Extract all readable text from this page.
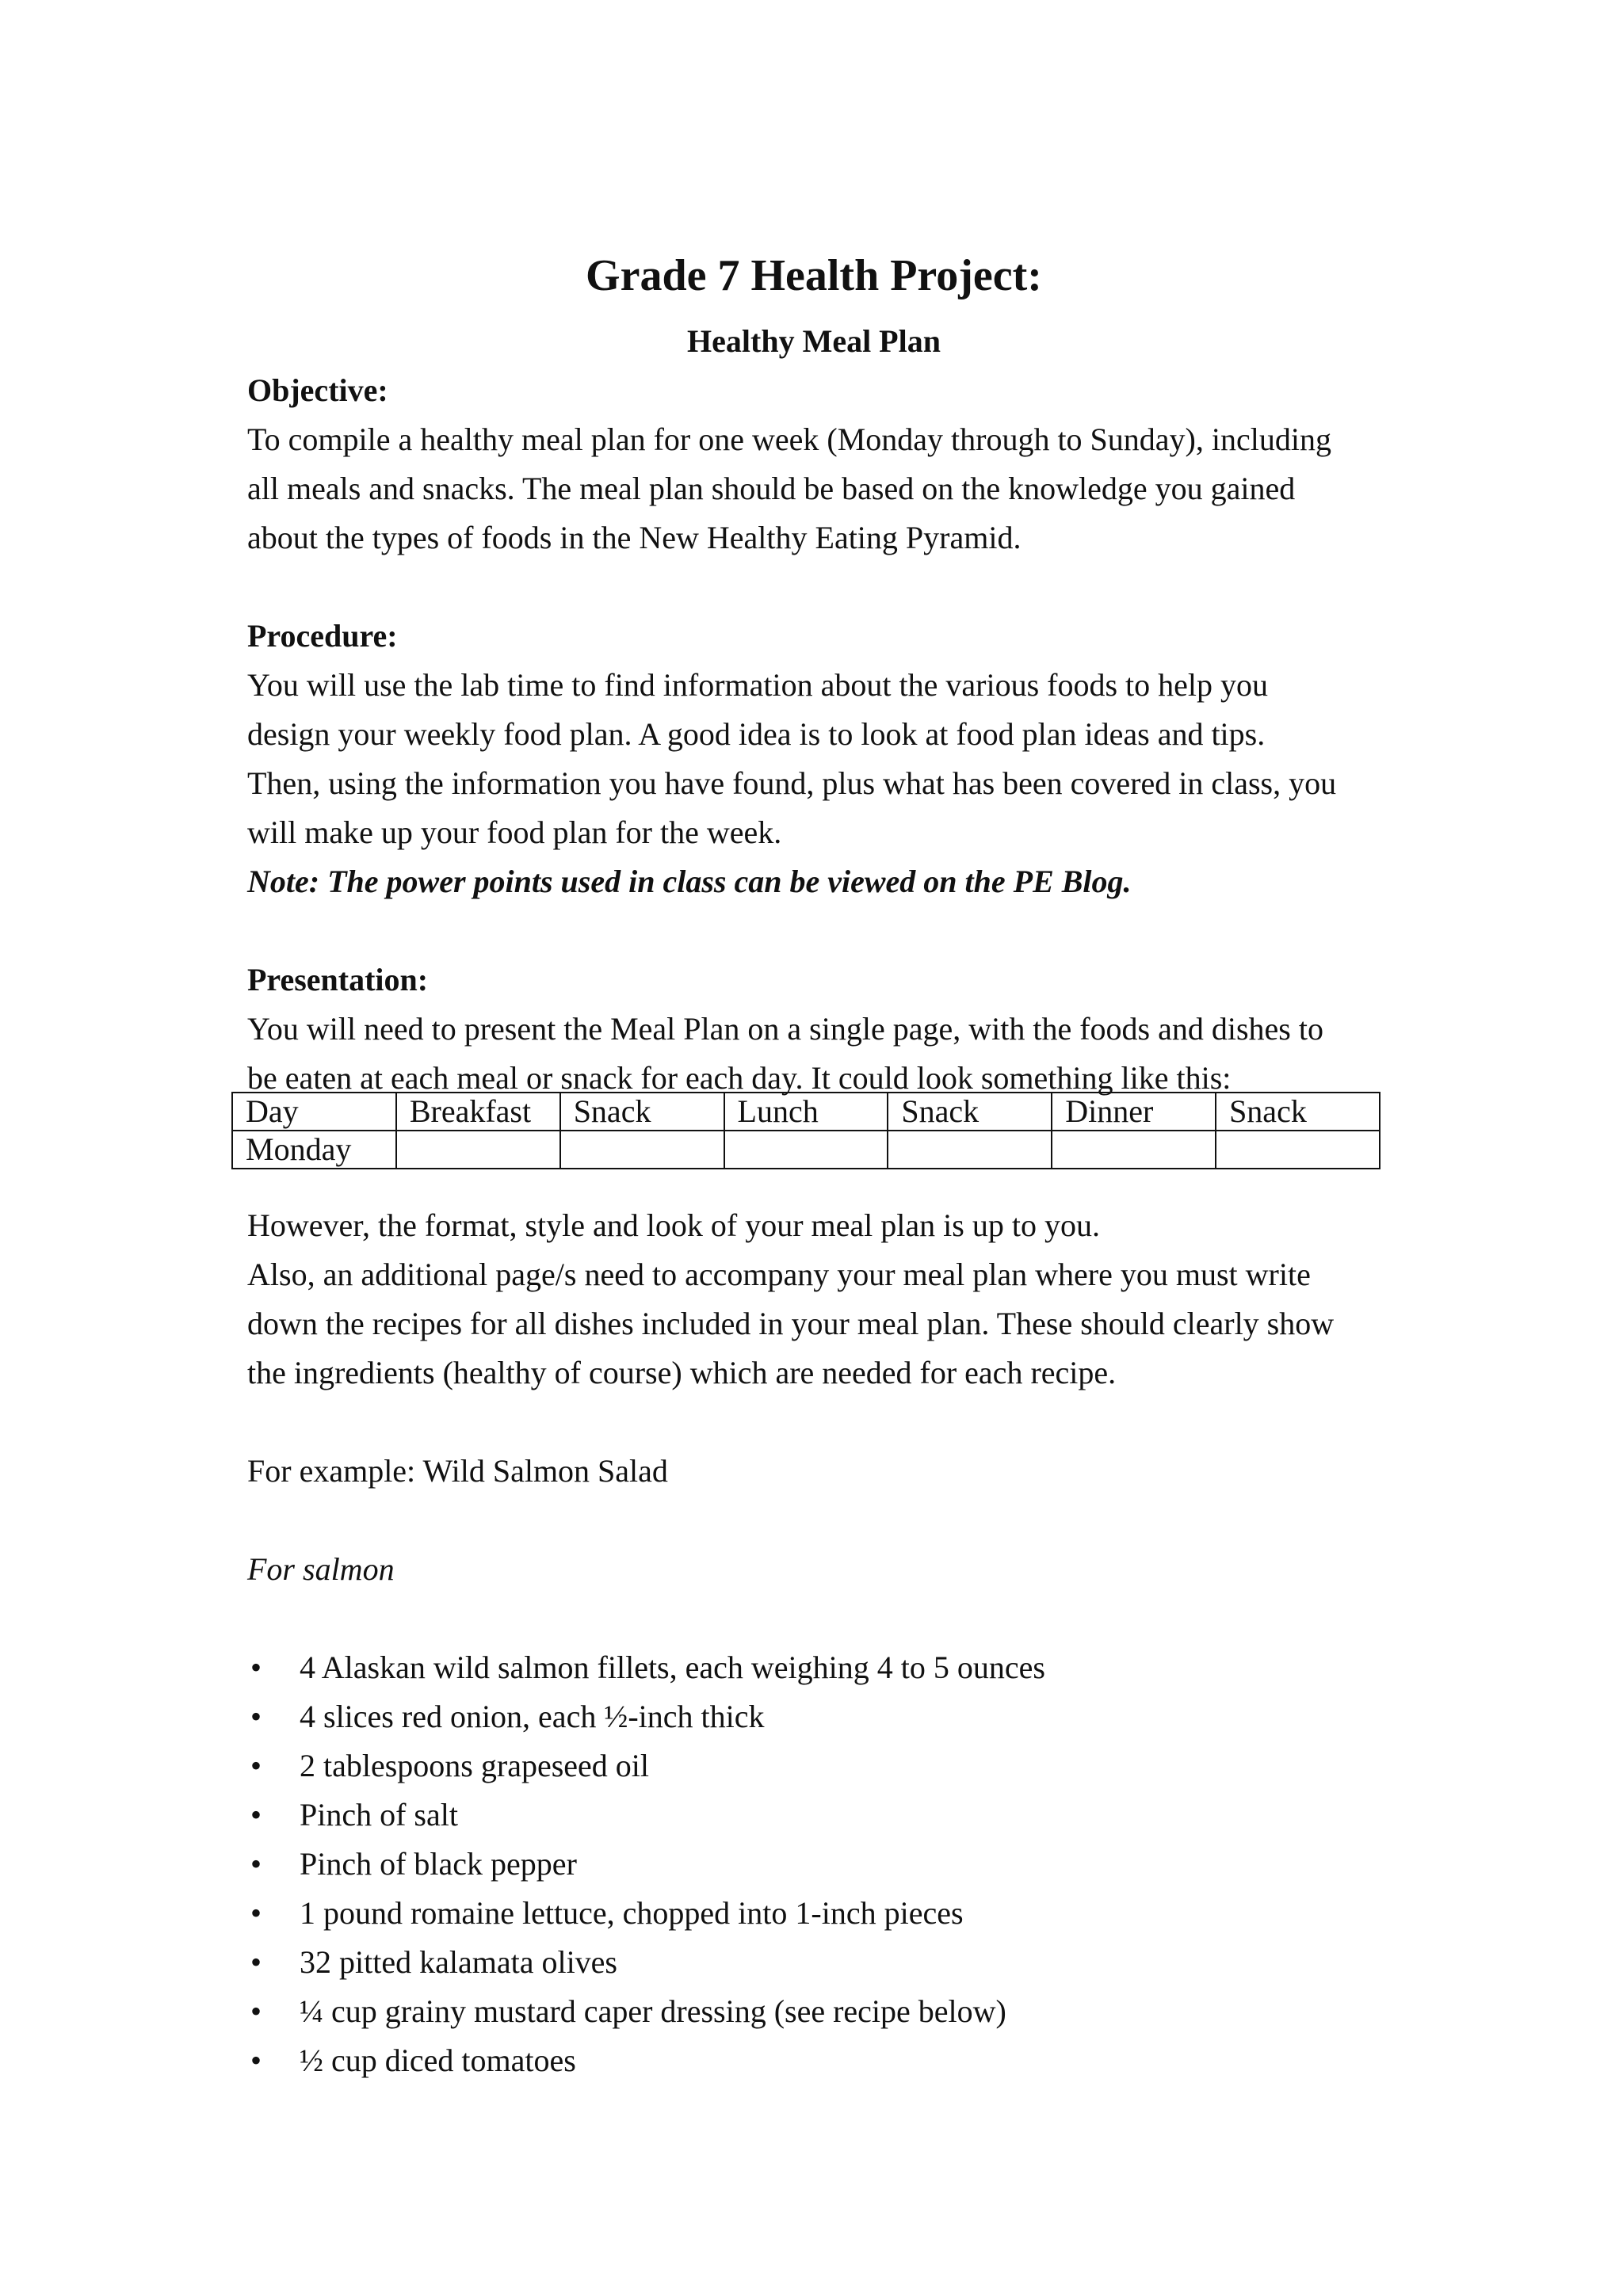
Grade 7 Health Project:
Healthy Meal Plan

Objective:

To compile a healthy meal plan for one week (Monday through to Sunday), including

all meals and snacks. The meal plan should be based on the knowledge you gained

about the types of foods in the New Healthy Eating Pyramid.

Procedure:

You will use the lab time to find information about the various foods to help you

design your weekly food plan. A good idea is to look at food plan ideas and tips.

Then, using the information you have found, plus what has been covered in class, you

will make up your food plan for the week.

Note: The power points used in class can be viewed on the PE Blog.

Presentation:

You will need to present the Meal Plan on a single page, with the foods and dishes to

be eaten at each meal or snack for each day. It could look something like this:

Day	Breakfast	Snack	Lunch	Snack	Dinner	Snack
Monday						

However, the format, style and look of your meal plan is up to you.

Also, an additional page/s need to accompany your meal plan where you must write

down the recipes for all dishes included in your meal plan. These should clearly show

the ingredients (healthy of course) which are needed for each recipe.

For example: Wild Salmon Salad

For salmon

• 4 Alaskan wild salmon fillets, each weighing 4 to 5 ounces
• 4 slices red onion, each ½-inch thick
• 2 tablespoons grapeseed oil
• Pinch of salt
• Pinch of black pepper
• 1 pound romaine lettuce, chopped into 1-inch pieces
• 32 pitted kalamata olives
• ¼ cup grainy mustard caper dressing (see recipe below)
• ½ cup diced tomatoes
